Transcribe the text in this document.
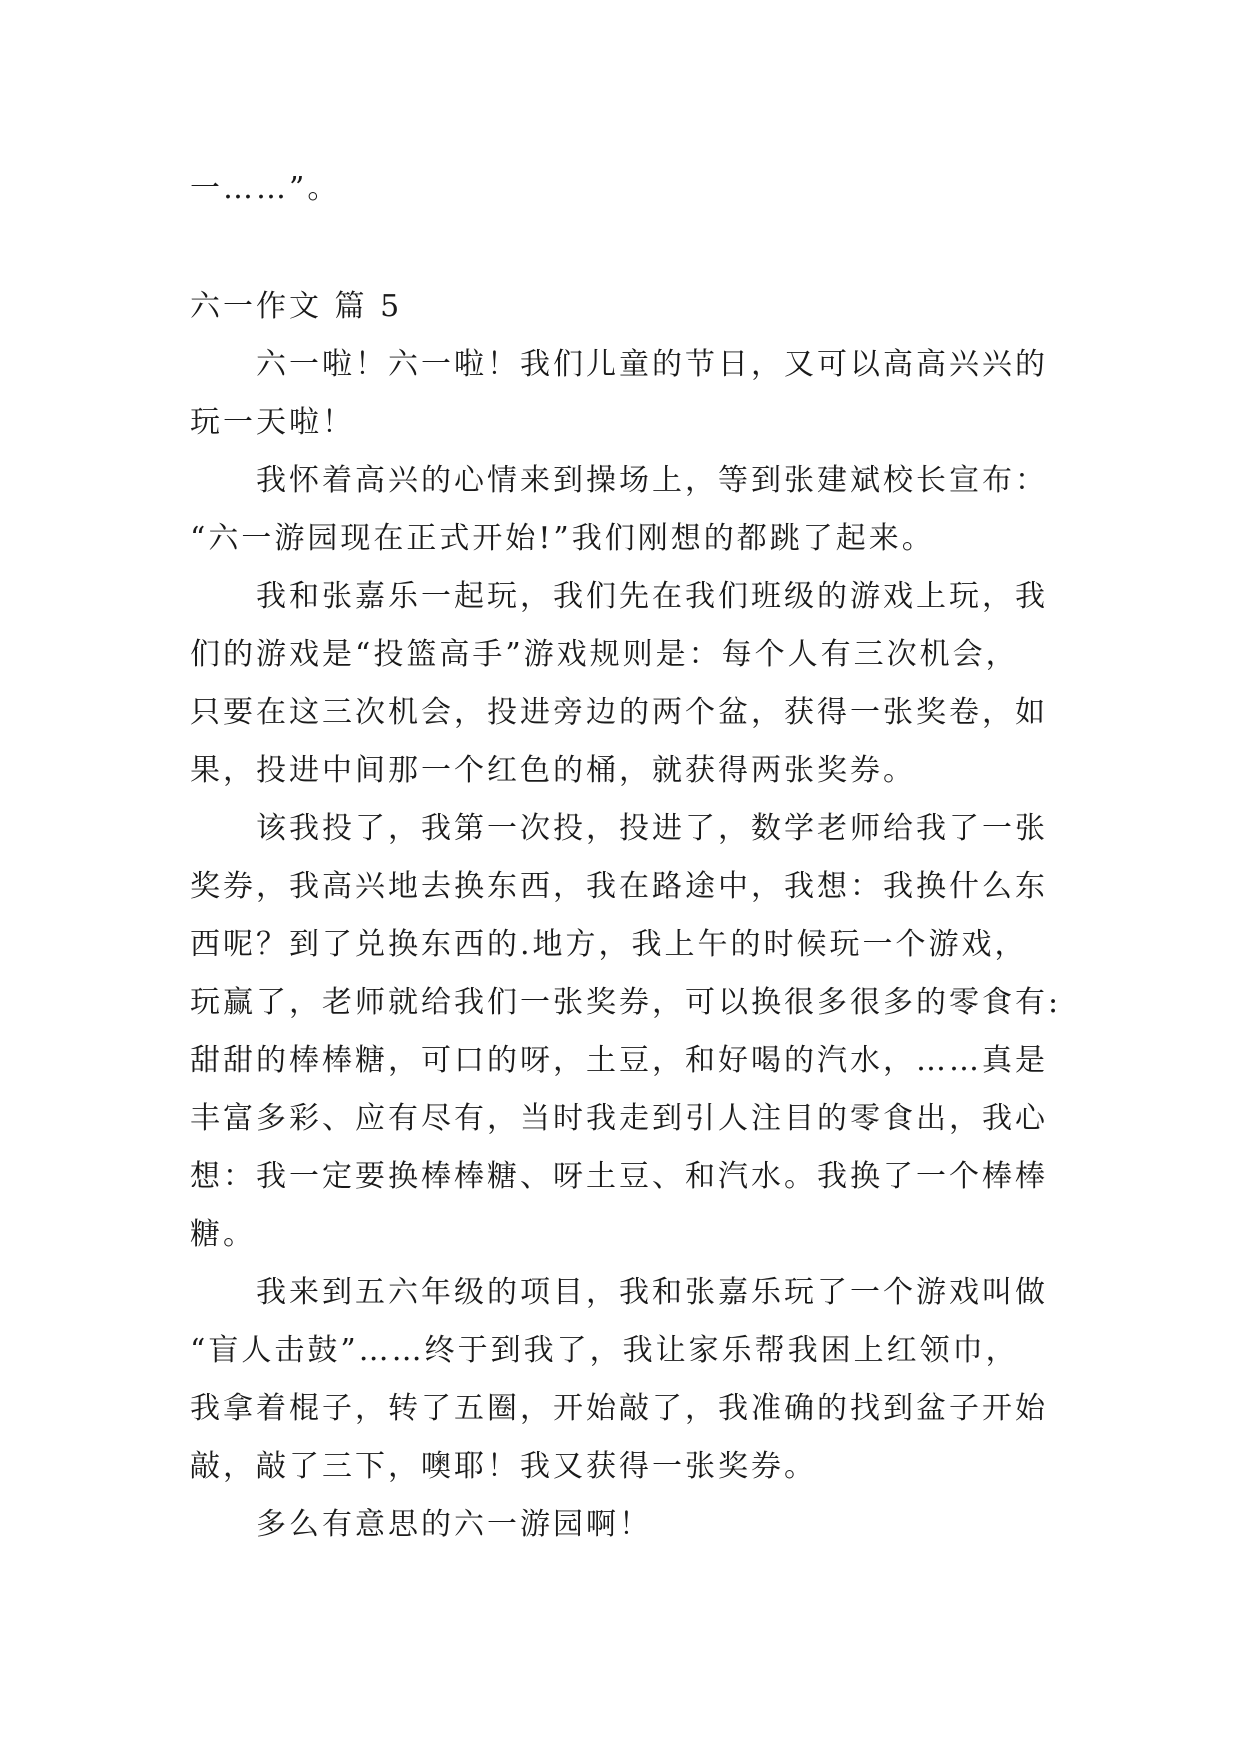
一……”。

六一作文 篇 5

六一啦！六一啦！我们儿童的节日，又可以高高兴兴的

玩一天啦！

我怀着高兴的心情来到操场上，等到张建斌校长宣布：

“六一游园现在正式开始!”我们刚想的都跳了起来。

我和张嘉乐一起玩，我们先在我们班级的游戏上玩，我

们的游戏是“投篮高手”游戏规则是：每个人有三次机会，

只要在这三次机会，投进旁边的两个盆，获得一张奖卷，如

果，投进中间那一个红色的桶，就获得两张奖券。

该我投了，我第一次投，投进了，数学老师给我了一张

奖券，我高兴地去换东西，我在路途中，我想：我换什么东

西呢？到了兑换东西的.地方，我上午的时候玩一个游戏，

玩赢了，老师就给我们一张奖券，可以换很多很多的零食有:

甜甜的棒棒糖，可口的呀，土豆，和好喝的汽水，……真是

丰富多彩、应有尽有，当时我走到引人注目的零食出，我心

想：我一定要换棒棒糖、呀土豆、和汽水。我换了一个棒棒

糖。

我来到五六年级的项目，我和张嘉乐玩了一个游戏叫做

“盲人击鼓”……终于到我了，我让家乐帮我困上红领巾，

我拿着棍子，转了五圈，开始敲了，我准确的找到盆子开始

敲，敲了三下，噢耶！我又获得一张奖券。

多么有意思的六一游园啊！
